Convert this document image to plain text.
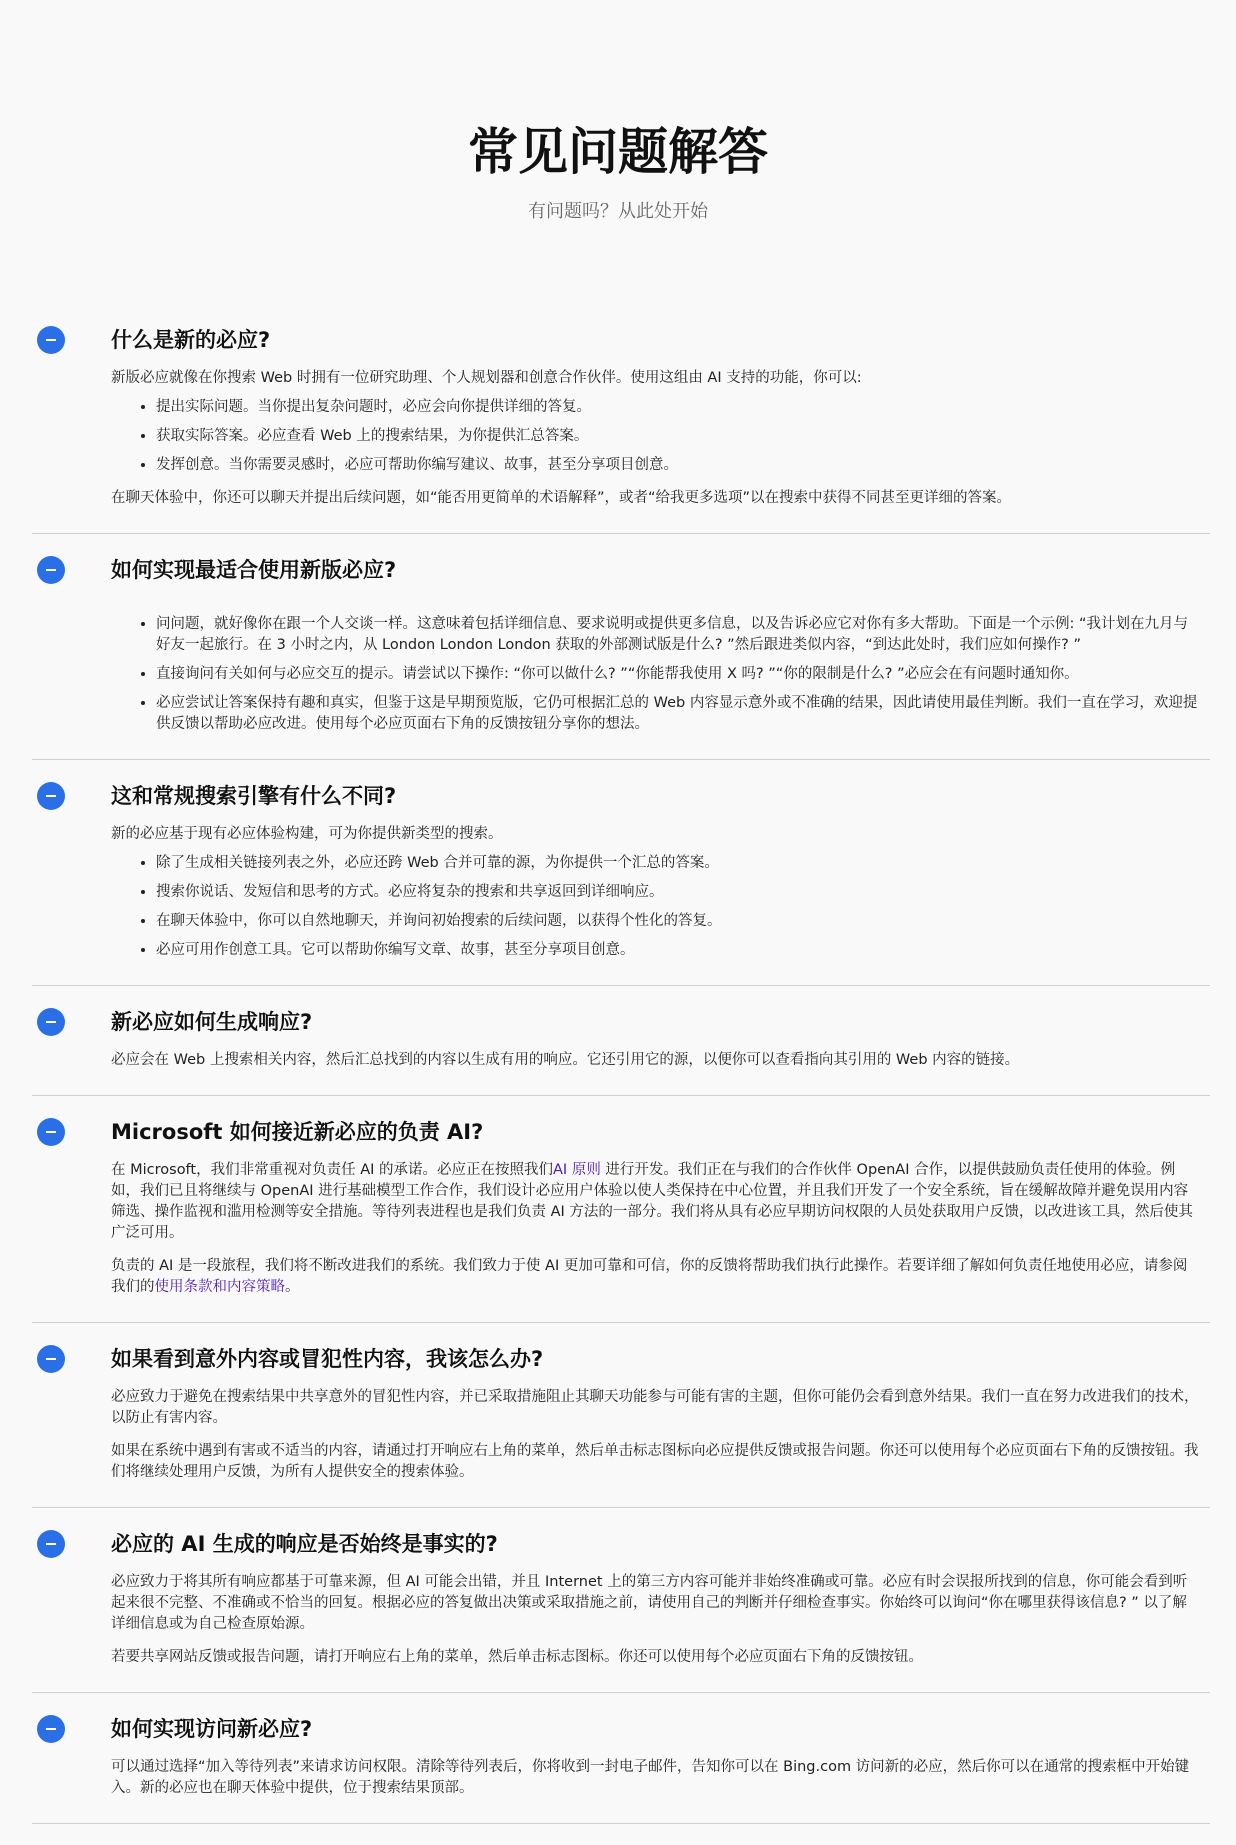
常见问题解答
有问题吗？从此处开始
什么是新的必应?

新版必应就像在你搜索 Web 时拥有一位研究助理、个人规划器和创意合作伙伴。使用这组由 AI 支持的功能，你可以:

• 提出实际问题。当你提出复杂问题时，必应会向你提供详细的答复。
• 获取实际答案。必应查看 Web 上的搜索结果，为你提供汇总答案。
• 发挥创意。当你需要灵感时，必应可帮助你编写建议、故事，甚至分享项目创意。

在聊天体验中，你还可以聊天并提出后续问题，如“能否用更简单的术语解释”，或者“给我更多选项”以在搜索中获得不同甚至更详细的答案。

如何实现最适合使用新版必应?
• 问问题，就好像你在跟一个人交谈一样。这意味着包括详细信息、要求说明或提供更多信息，以及告诉必应它对你有多大帮助。下面是一个示例: “我计划在九月与好友一起旅行。在 3 小时之内，从 London London London 获取的外部测试版是什么? ”然后跟进类似内容，“到达此处时，我们应如何操作? ”
• 直接询问有关如何与必应交互的提示。请尝试以下操作: “你可以做什么? ”“你能帮我使用 X 吗? ”“你的限制是什么? ”必应会在有问题时通知你。
• 必应尝试让答案保持有趣和真实，但鉴于这是早期预览版，它仍可根据汇总的 Web 内容显示意外或不准确的结果，因此请使用最佳判断。我们一直在学习，欢迎提供反馈以帮助必应改进。使用每个必应页面右下角的反馈按钮分享你的想法。
这和常规搜索引擎有什么不同?

新的必应基于现有必应体验构建，可为你提供新类型的搜索。

• 除了生成相关链接列表之外，必应还跨 Web 合并可靠的源，为你提供一个汇总的答案。
• 搜索你说话、发短信和思考的方式。必应将复杂的搜索和共享返回到详细响应。
• 在聊天体验中，你可以自然地聊天，并询问初始搜索的后续问题，以获得个性化的答复。
• 必应可用作创意工具。它可以帮助你编写文章、故事，甚至分享项目创意。
新必应如何生成响应?

必应会在 Web 上搜索相关内容，然后汇总找到的内容以生成有用的响应。它还引用它的源，以便你可以查看指向其引用的 Web 内容的链接。

Microsoft 如何接近新必应的负责 AI?

在 Microsoft，我们非常重视对负责任 AI 的承诺。必应正在按照我们AI 原则 进行开发。我们正在与我们的合作伙伴 OpenAI 合作，以提供鼓励负责任使用的体验。例如，我们已且将继续与 OpenAI 进行基础模型工作合作，我们设计必应用户体验以使人类保持在中心位置，并且我们开发了一个安全系统，旨在缓解故障并避免误用内容筛选、操作监视和滥用检测等安全措施。等待列表进程也是我们负责 AI 方法的一部分。我们将从具有必应早期访问权限的人员处获取用户反馈，以改进该工具，然后使其广泛可用。

负责的 AI 是一段旅程，我们将不断改进我们的系统。我们致力于使 AI 更加可靠和可信，你的反馈将帮助我们执行此操作。若要详细了解如何负责任地使用必应，请参阅我们的使用条款和内容策略。

如果看到意外内容或冒犯性内容，我该怎么办?

必应致力于避免在搜索结果中共享意外的冒犯性内容，并已采取措施阻止其聊天功能参与可能有害的主题，但你可能仍会看到意外结果。我们一直在努力改进我们的技术，以防止有害内容。

如果在系统中遇到有害或不适当的内容，请通过打开响应右上角的菜单，然后单击标志图标向必应提供反馈或报告问题。你还可以使用每个必应页面右下角的反馈按钮。我们将继续处理用户反馈，为所有人提供安全的搜索体验。

必应的 AI 生成的响应是否始终是事实的?

必应致力于将其所有响应都基于可靠来源，但 AI 可能会出错，并且 Internet 上的第三方内容可能并非始终准确或可靠。必应有时会误报所找到的信息，你可能会看到听起来很不完整、不准确或不恰当的回复。根据必应的答复做出决策或采取措施之前，请使用自己的判断并仔细检查事实。你始终可以询问“你在哪里获得该信息? ” 以了解详细信息或为自己检查原始源。

若要共享网站反馈或报告问题，请打开响应右上角的菜单，然后单击标志图标。你还可以使用每个必应页面右下角的反馈按钮。

如何实现访问新必应?

可以通过选择“加入等待列表”来请求访问权限。清除等待列表后，你将收到一封电子邮件，告知你可以在 Bing.com 访问新的必应，然后你可以在通常的搜索框中开始键入。新的必应也在聊天体验中提供，位于搜索结果顶部。
